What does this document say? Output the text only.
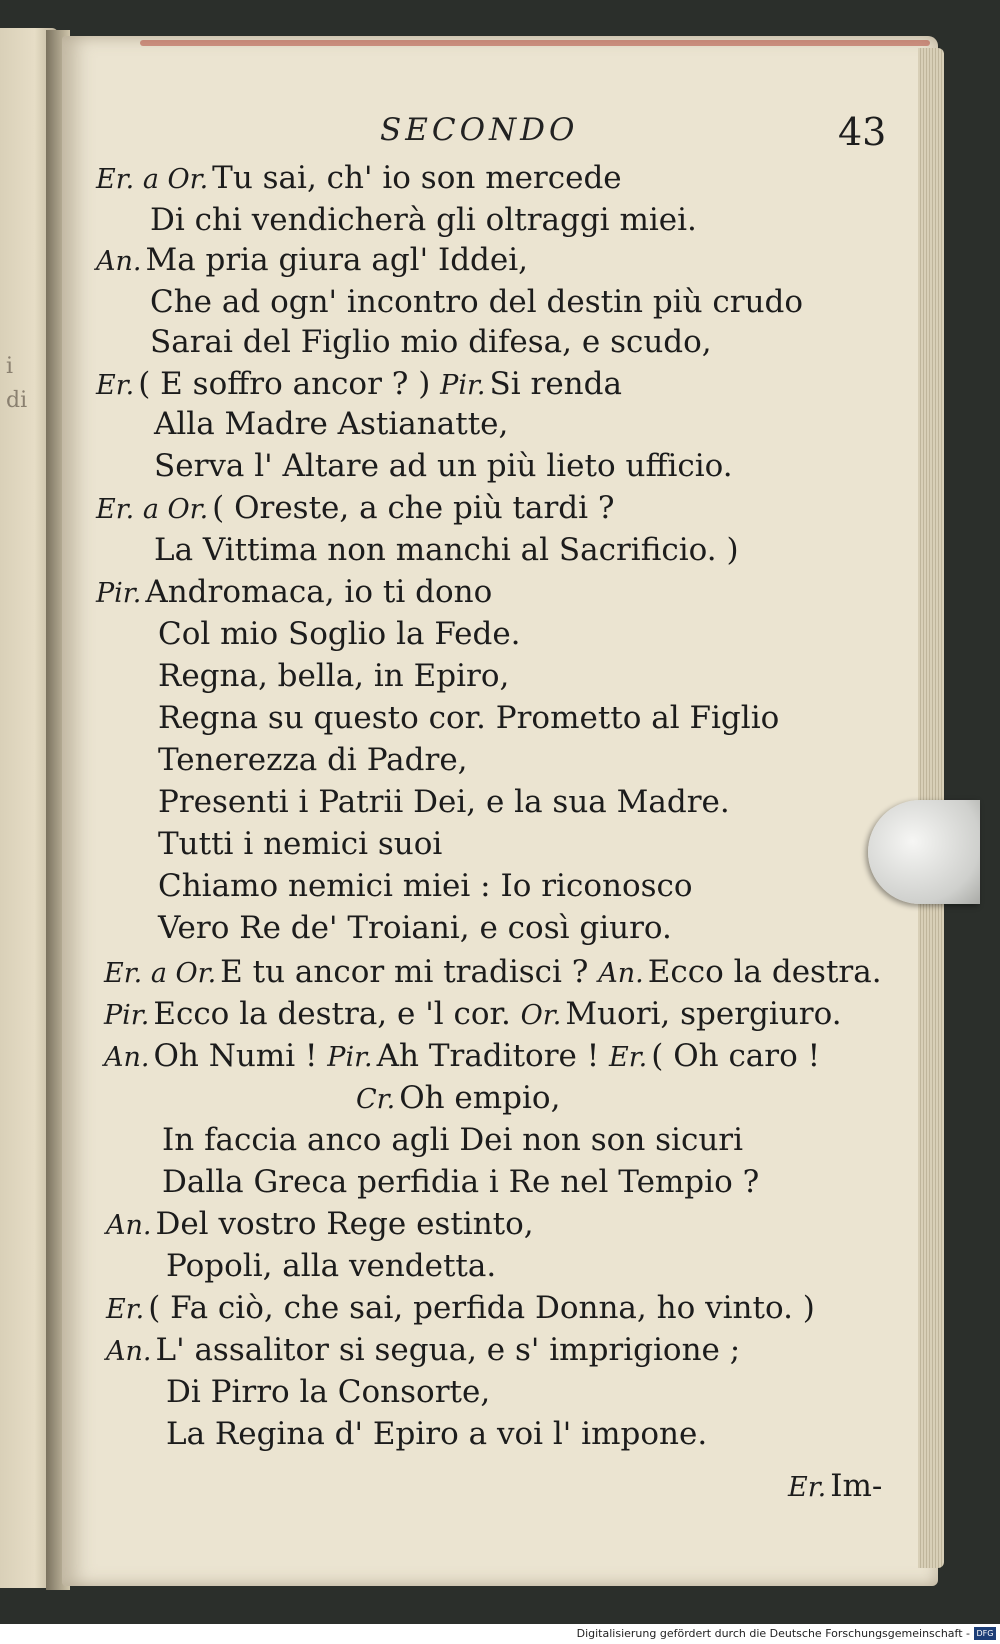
i
di
SECONDO	43
Er. a Or. Tu sai, ch' io son mercede
Di chi vendicherà gli oltraggi miei.
An. Ma pria giura agl' Iddei,
Che ad ogn' incontro del destin più crudo
Sarai del Figlio mio difesa, e scudo,
Er. ( E soffro ancor ? ) Pir. Si renda
Alla Madre Astianatte,
Serva l' Altare ad un più lieto ufficio.
Er. a Or. ( Oreste, a che più tardi ?
La Vittima non manchi al Sacrificio. )
Pir. Andromaca, io ti dono
Col mio Soglio la Fede.
Regna, bella, in Epiro,
Regna su questo cor. Prometto al Figlio
Tenerezza di Padre,
Presenti i Patrii Dei, e la sua Madre.
Tutti i nemici suoi
Chiamo nemici miei : Io riconosco
Vero Re de' Troiani, e così giuro.
Er. a Or. E tu ancor mi tradisci ? An. Ecco la destra.
Pir. Ecco la destra, e 'l cor. Or. Muori, spergiuro.
An. Oh Numi ! Pir. Ah Traditore ! Er. ( Oh caro !
Cr. Oh empio,
In faccia anco agli Dei non son sicuri
Dalla Greca perfidia i Re nel Tempio ?
An. Del vostro Rege estinto,
Popoli, alla vendetta.
Er. ( Fa ciò, che sai, perfida Donna, ho vinto. )
An. L' assalitor si segua, e s' imprigione ;
Di Pirro la Consorte,
La Regina d' Epiro a voi l' impone.
Er. Im-
Digitalisierung gefördert durch die Deutsche Forschungsgemeinschaft - DFG
